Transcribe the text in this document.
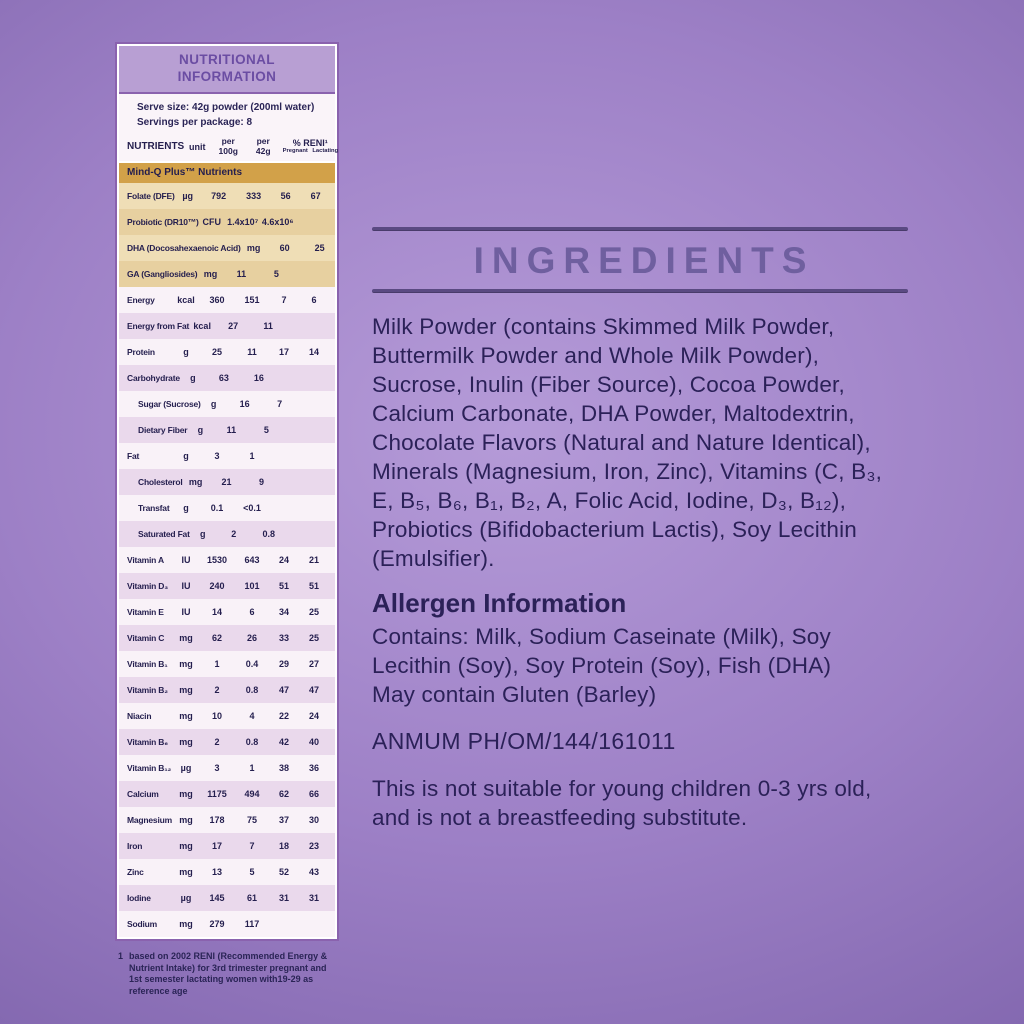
NUTRITIONAL INFORMATION
Serve size: 42g powder (200ml water)
Servings per package: 8
NUTRIENTS unit
per
100g
per
42g
% RENI¹
Pregnant Lactating
Mind-Q Plus™ Nutrients
Folate (DFE) µg	792	333	56	67
Probiotic (DR10™) CFU 1.4x10⁷ 4.6x10⁶
DHA (Docosahexaenoic Acid) mg	60	25
GA (Gangliosides) mg	11	5
Energy	kcal	360	151	7	6
Energy from Fat kcal	27	11
Protein	g	25	11	17	14
Carbohydrate	g	63	16
Sugar (Sucrose)	g	16	7
Dietary Fiber	g	11	5
Fat	g	3	1
Cholesterol mg	21	9
Transfat	g	0.1	<0.1
Saturated Fat	g	2	0.8
Vitamin A	IU	1530	643	24	21
Vitamin D₃	IU	240	101	51	51
Vitamin E	IU	14	6	34	25
Vitamin C	mg	62	26	33	25
Vitamin B₁	mg	1	0.4	29	27
Vitamin B₂	mg	2	0.8	47	47
Niacin	mg	10	4	22	24
Vitamin B₆	mg	2	0.8	42	40
Vitamin B₁₂	µg	3	1	38	36
Calcium	mg	1175	494	62	66
Magnesium mg	178	75	37	30
Iron	mg	17	7	18	23
Zinc	mg	13	5	52	43
Iodine	µg	145	61	31	31
Sodium	mg	279	117
1 based on 2002 RENI (Recommended Energy & Nutrient Intake) for 3rd trimester pregnant and 1st semester lactating women with19-29 as reference age
INGREDIENTS
Milk Powder (contains Skimmed Milk Powder, Buttermilk Powder and Whole Milk Powder), Sucrose, Inulin (Fiber Source), Cocoa Powder, Calcium Carbonate, DHA Powder, Maltodextrin, Chocolate Flavors (Natural and Nature Identical), Minerals (Magnesium, Iron, Zinc), Vitamins (C, B₃, E, B₅, B₆, B₁, B₂, A, Folic Acid, Iodine, D₃, B₁₂), Probiotics (Bifidobacterium Lactis), Soy Lecithin (Emulsifier).
Allergen Information
Contains: Milk, Sodium Caseinate (Milk), Soy Lecithin (Soy), Soy Protein (Soy), Fish (DHA)
May contain Gluten (Barley)
ANMUM PH/OM/144/161011
This is not suitable for young children 0-3 yrs old, and is not a breastfeeding substitute.
